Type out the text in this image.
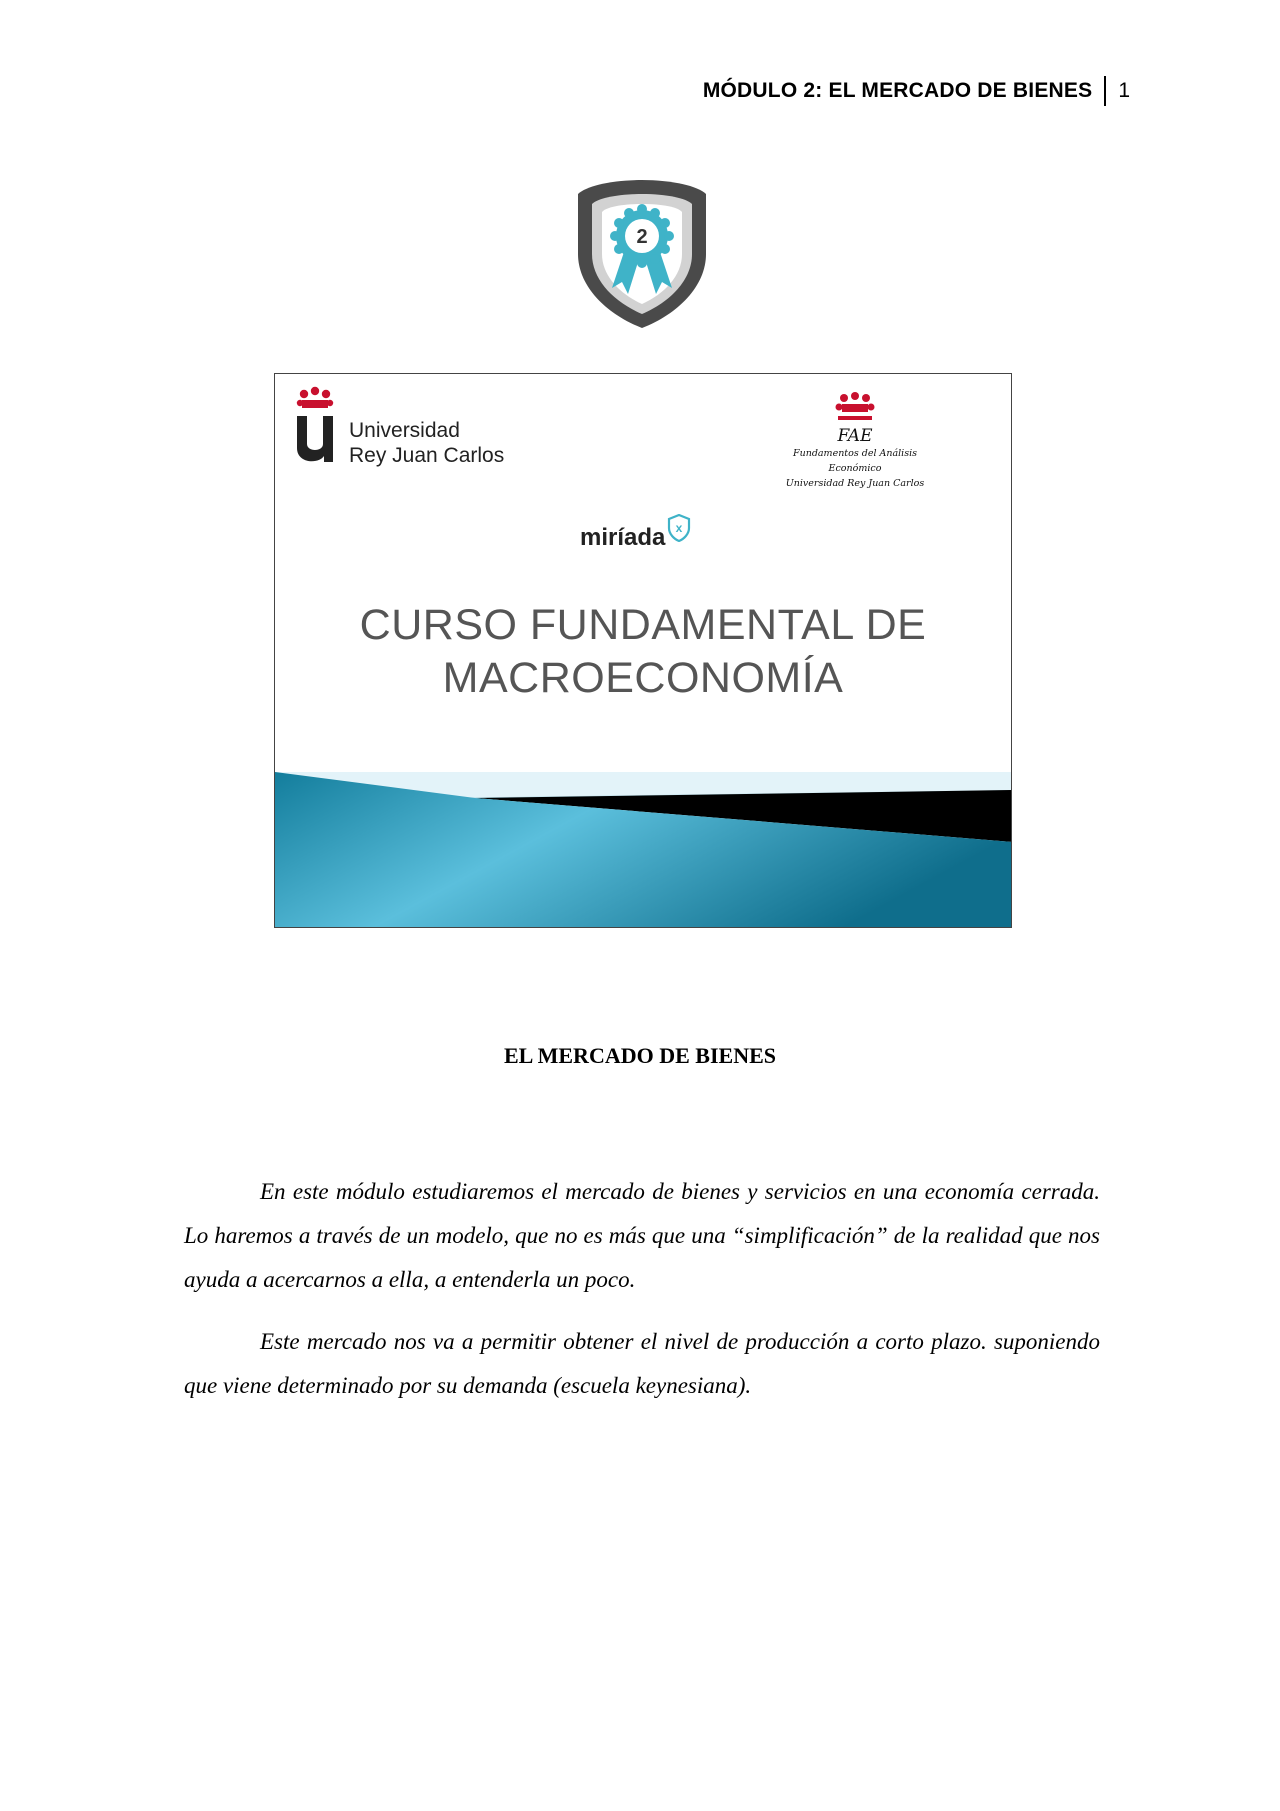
MÓDULO 2: EL MERCADO DE BIENES 1
2
Universidad
Rey Juan Carlos
FAE
Fundamentos del Análisis Económico
Universidad Rey Juan Carlos
miríada x
CURSO FUNDAMENTAL DE
MACROECONOMÍA
EL MERCADO DE BIENES

En este módulo estudiaremos el mercado de bienes y servicios en una economía cerrada. Lo haremos a través de un modelo, que no es más que una “simplificación” de la realidad que nos ayuda a acercarnos a ella, a entenderla un poco.

Este mercado nos va a permitir obtener el nivel de producción a corto plazo. suponiendo que viene determinado por su demanda (escuela keynesiana).
